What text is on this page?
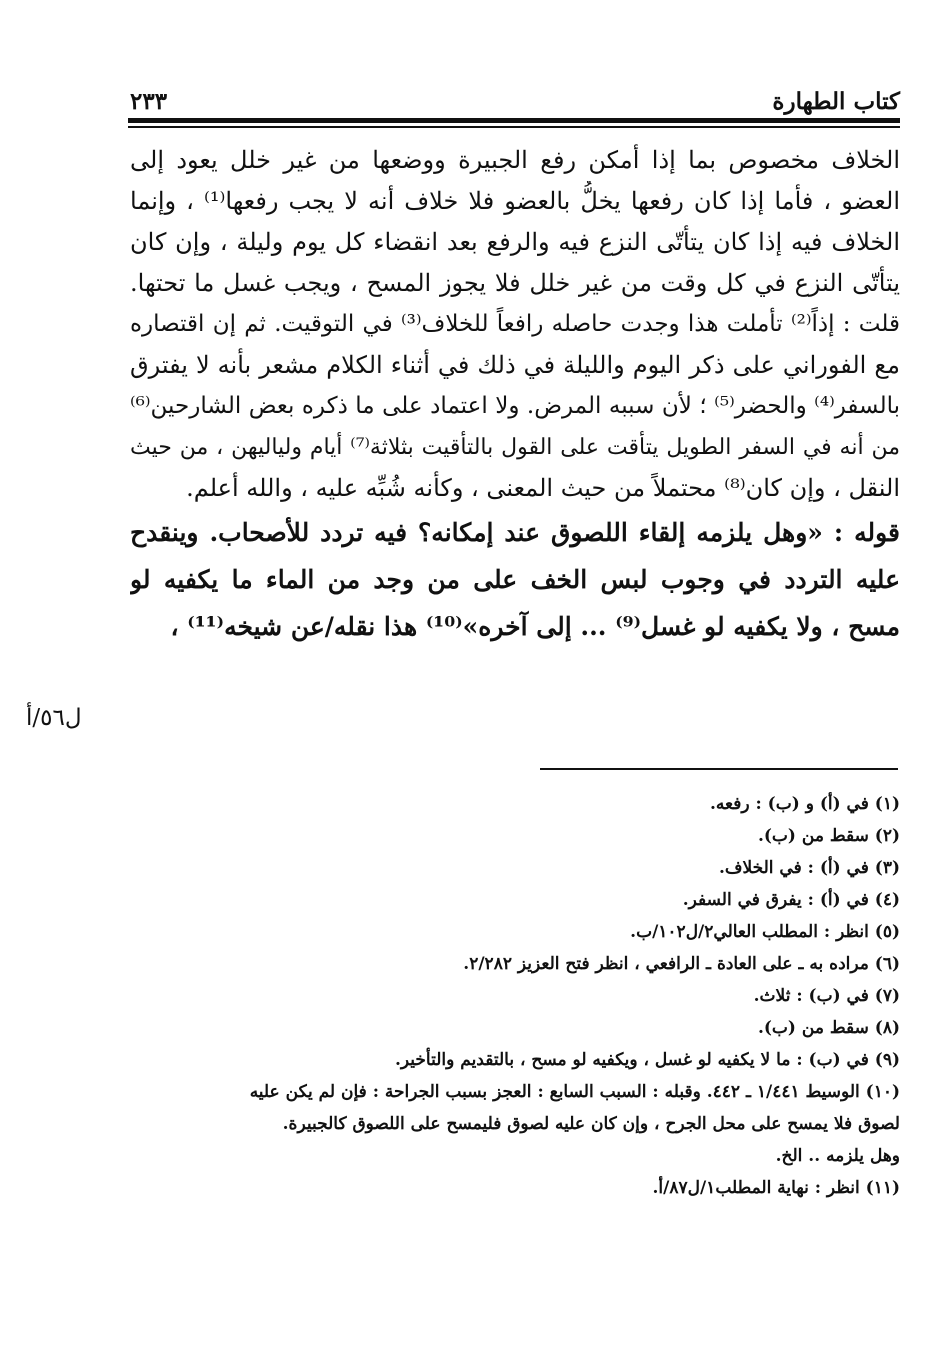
كتاب الطهارة
٢٣٣
الخلاف مخصوص بما إذا أمكن رفع الجبيرة ووضعها من غير خلل يعود إلى
العضو ، فأما إذا كان رفعها يخلُّ بالعضو فلا خلاف أنه لا يجب رفعها⁽¹⁾ ، وإنما
الخلاف فيه إذا كان يتأتّى النزع فيه والرفع بعد انقضاء كل يوم وليلة ، وإن كان
يتأتّى النزع في كل وقت من غير خلل فلا يجوز المسح ، ويجب غسل ما تحتها.
قلت : إذاً⁽²⁾ تأملت هذا وجدت حاصله رافعاً للخلاف⁽³⁾ في التوقيت. ثم إن اقتصاره
مع الفوراني على ذكر اليوم والليلة في ذلك في أثناء الكلام مشعر بأنه لا يفترق
بالسفر⁽⁴⁾ والحضر⁽⁵⁾ ؛ لأن سببه المرض. ولا اعتماد على ما ذكره بعض الشارحين⁽⁶⁾
من أنه في السفر الطويل يتأقت على القول بالتأقيت بثلاثة⁽⁷⁾ أيام ولياليهن ، من حيث
النقل ، وإن كان⁽⁸⁾ محتملاً من حيث المعنى ، وكأنه شُبِّه عليه ، والله أعلم.
قوله : «وهل يلزمه إلقاء اللصوق عند إمكانه؟ فيه تردد للأصحاب. وينقدح
عليه التردد في وجوب لبس الخف على من وجد من الماء ما يكفيه لو
مسح ، ولا يكفيه لو غسل⁽⁹⁾ ... إلى آخره»⁽¹⁰⁾ هذا نقله/عن شيخه⁽¹¹⁾ ،
ل٥٦/أ
(١) في (أ) و (ب) : رفعه.
(٢) سقط من (ب).
(٣) في (أ) : في الخلاف.
(٤) في (أ) : يفرق في السفر.
(٥) انظر : المطلب العالي٢/ل١٠٢/ب.
(٦) مراده به ـ على العادة ـ الرافعي ، انظر فتح العزيز ٢/٢٨٢.
(٧) في (ب) : ثلاث.
(٨) سقط من (ب).
(٩) في (ب) : ما لا يكفيه لو غسل ، ويكفيه لو مسح ، بالتقديم والتأخير.
(١٠) الوسيط ١/٤٤١ ـ ٤٤٢. وقبله : السبب السابع : العجز بسبب الجراحة : فإن لم يكن عليه
لصوق فلا يمسح على محل الجرح ، وإن كان عليه لصوق فليمسح على اللصوق كالجبيرة.
وهل يلزمه .. الخ.
(١١) انظر : نهاية المطلب١/ل٨٧/أ.
